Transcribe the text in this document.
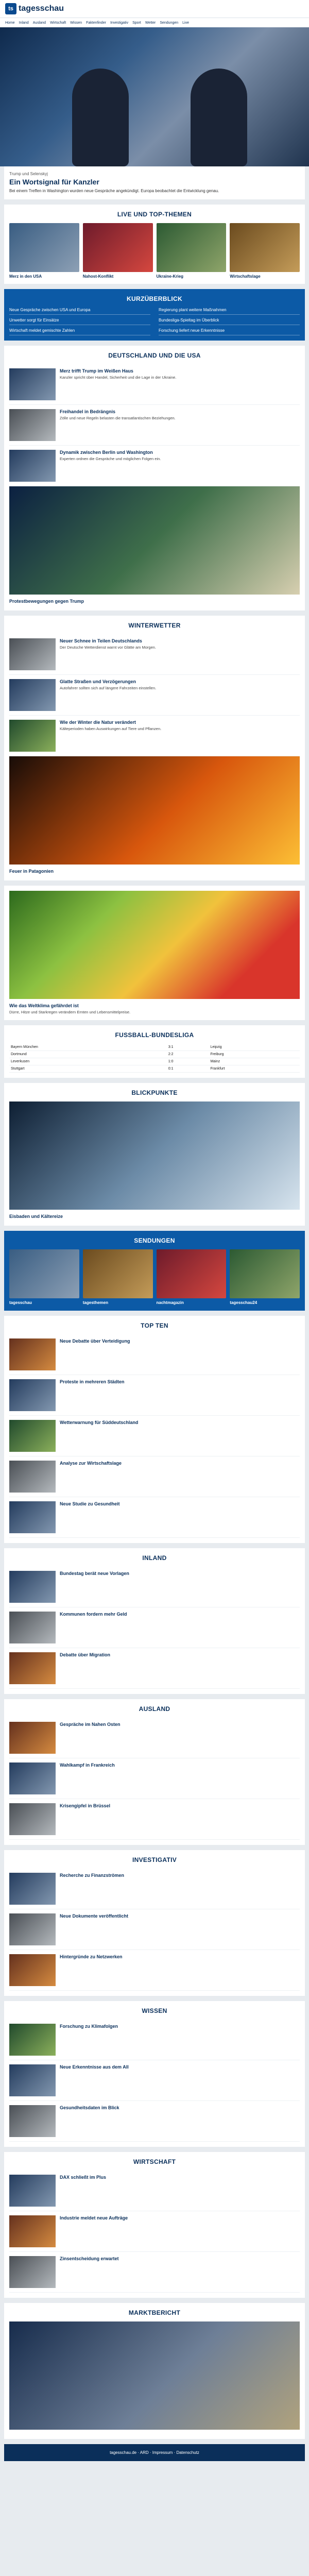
ts tagesschau
Home Inland Ausland Wirtschaft Wissen Faktenfinder Investigativ Sport Wetter Sendungen Live
Trump und Selenskyj
Ein Wortsignal für Kanzler
Bei einem Treffen in Washington wurden neue Gespräche angekündigt. Europa beobachtet die Entwicklung genau.
LIVE UND TOP-THEMEN
Merz in den USA	Nahost-Konflikt	Ukraine-Krieg	Wirtschaftslage
KURZÜBERBLICK
Neue Gespräche zwischen USA und Europa	Regierung plant weitere Maßnahmen
Unwetter sorgt für Einsätze	Bundesliga-Spieltag im Überblick
Wirtschaft meldet gemischte Zahlen	Forschung liefert neue Erkenntnisse
DEUTSCHLAND UND DIE USA
Merz trifft Trump im Weißen Haus
Kanzler spricht über Handel, Sicherheit und die Lage in der Ukraine.
Freihandel in Bedrängnis
Zölle und neue Regeln belasten die transatlantischen Beziehungen.
Dynamik zwischen Berlin und Washington
Experten ordnen die Gespräche und möglichen Folgen ein.
Protestbewegungen gegen Trump
WINTERWETTER
Neuer Schnee in Teilen Deutschlands
Der Deutsche Wetterdienst warnt vor Glätte am Morgen.
Glatte Straßen und Verzögerungen
Autofahrer sollten sich auf längere Fahrzeiten einstellen.
Wie der Winter die Natur verändert
Kälteperioden haben Auswirkungen auf Tiere und Pflanzen.
Feuer in Patagonien
Wie das Weltklima gefährdet ist
Dürre, Hitze und Starkregen verändern Ernten und Lebensmittelpreise.
FUSSBALL-BUNDESLIGA
Bayern München	3:1	Leipzig
Dortmund	2:2	Freiburg
Leverkusen	1:0	Mainz
Stuttgart	0:1	Frankfurt
BLICKPUNKTE
Eisbaden und Kältereize
SENDUNGEN
tagesschau	tagesthemen	nachtmagazin	tagesschau24
TOP TEN
Neue Debatte über Verteidigung
Proteste in mehreren Städten
Wetterwarnung für Süddeutschland
Analyse zur Wirtschaftslage
Neue Studie zu Gesundheit
INLAND
Bundestag berät neue Vorlagen
Kommunen fordern mehr Geld
Debatte über Migration
AUSLAND
Gespräche im Nahen Osten
Wahlkampf in Frankreich
Krisengipfel in Brüssel
INVESTIGATIV
Recherche zu Finanzströmen
Neue Dokumente veröffentlicht
Hintergründe zu Netzwerken
WISSEN
Forschung zu Klimafolgen
Neue Erkenntnisse aus dem All
Gesundheitsdaten im Blick
WIRTSCHAFT
DAX schließt im Plus
Industrie meldet neue Aufträge
Zinsentscheidung erwartet
MARKTBERICHT
tagesschau.de · ARD · Impressum · Datenschutz
